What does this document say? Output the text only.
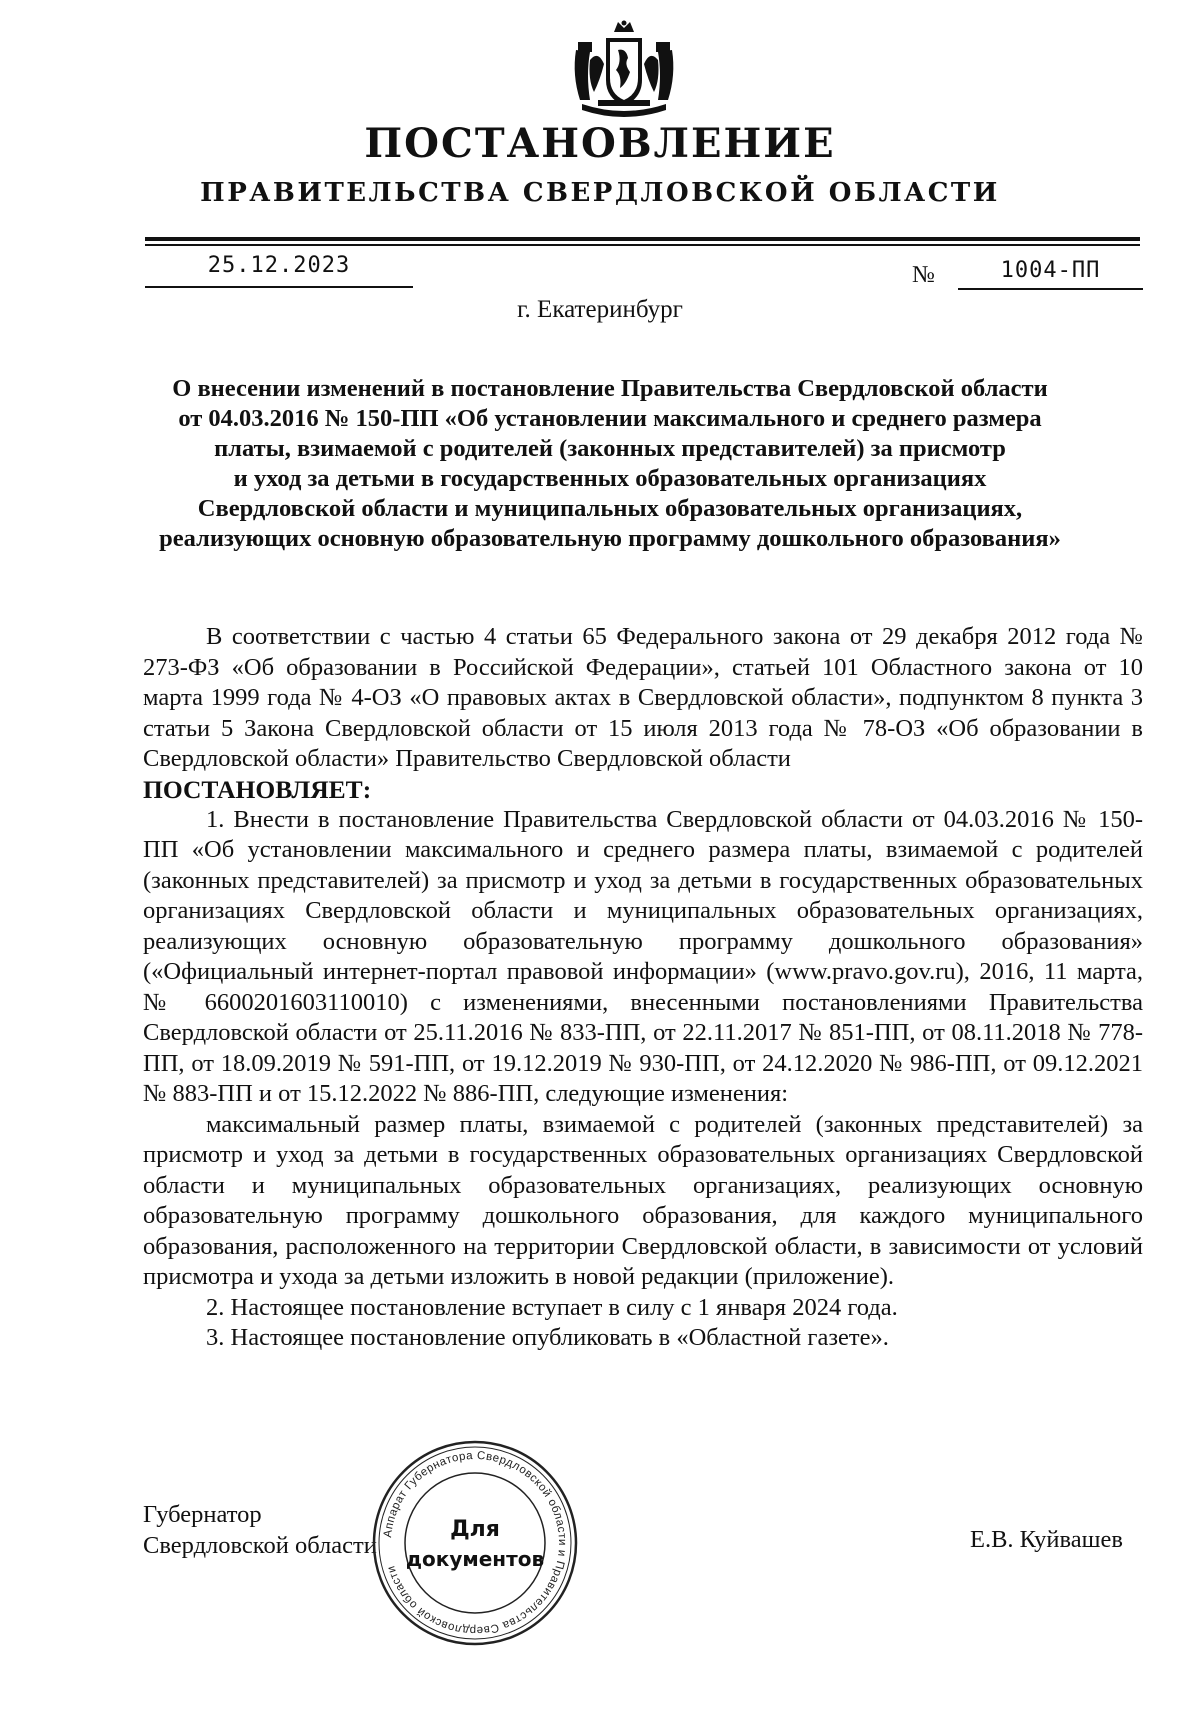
ПОСТАНОВЛЕНИЕ
ПРАВИТЕЛЬСТВА СВЕРДЛОВСКОЙ ОБЛАСТИ
25.12.2023	№	1004-ПП
г. Екатеринбург
О внесении изменений в постановление Правительства Свердловской области
от 04.03.2016 № 150-ПП «Об установлении максимального и среднего размера
платы, взимаемой с родителей (законных представителей) за присмотр
и уход за детьми в государственных образовательных организациях
Свердловской области и муниципальных образовательных организациях,
реализующих основную образовательную программу дошкольного образования»

В соответствии с частью 4 статьи 65 Федерального закона от 29 декабря 2012 года № 273-ФЗ «Об образовании в Российской Федерации», статьей 101 Областного закона от 10 марта 1999 года № 4-ОЗ «О правовых актах в Свердловской области», подпунктом 8 пункта 3 статьи 5 Закона Свердловской области от 15 июля 2013 года № 78-ОЗ «Об образовании в Свердловской области» Правительство Свердловской области

ПОСТАНОВЛЯЕТ:

1. Внести в постановление Правительства Свердловской области от 04.03.2016 № 150-ПП «Об установлении максимального и среднего размера платы, взимаемой с родителей (законных представителей) за присмотр и уход за детьми в государственных образовательных организациях Свердловской области и муниципальных образовательных организациях, реализующих основную образовательную программу дошкольного образования» («Официальный интернет-портал правовой информации» (www.pravo.gov.ru), 2016, 11 марта, № 6600201603110010) с изменениями, внесенными постановлениями Правительства Свердловской области от 25.11.2016 № 833-ПП, от 22.11.2017 № 851-ПП, от 08.11.2018 № 778-ПП, от 18.09.2019 № 591-ПП, от 19.12.2019 № 930-ПП, от 24.12.2020 № 986-ПП, от 09.12.2021 № 883-ПП и от 15.12.2022 № 886-ПП, следующие изменения:

максимальный размер платы, взимаемой с родителей (законных представителей) за присмотр и уход за детьми в государственных образовательных организациях Свердловской области и муниципальных образовательных организациях, реализующих основную образовательную программу дошкольного образования, для каждого муниципального образования, расположенного на территории Свердловской области, в зависимости от условий присмотра и ухода за детьми изложить в новой редакции (приложение).

2. Настоящее постановление вступает в силу с 1 января 2024 года.

3. Настоящее постановление опубликовать в «Областной газете».

Губернатор
Свердловской области	Е.В. Куйвашев
Аппарат Губернатора Свердловской области и Правительства Свердловской области
Для
документов
